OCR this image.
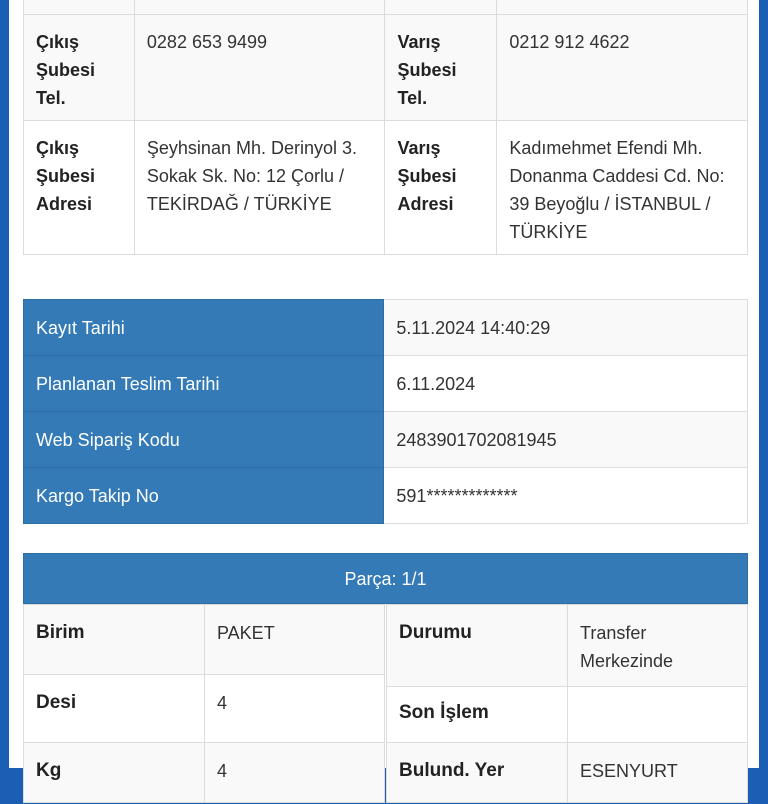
Çıkış Şubesi Tel.	0282 653 9499	Varış Şubesi Tel.	0212 912 4622
Çıkış Şubesi Adresi	Şeyhsinan Mh. Derinyol 3. Sokak Sk. No: 12 Çorlu / TEKİRDAĞ / TÜRKİYE	Varış Şubesi Adresi	Kadımehmet Efendi Mh. Donanma Caddesi Cd. No: 39 Beyoğlu / İSTANBUL / TÜRKİYE
Kayıt Tarihi	5.11.2024 14:40:29
Planlanan Teslim Tarihi	6.11.2024
Web Sipariş Kodu	2483901702081945
Kargo Takip No	591*************
Parça: 1/1
Birim	PAKET
Desi	4
Kg	4
Durumu	Transfer Merkezinde
Son İşlem	
Bulund. Yer	ESENYURT
